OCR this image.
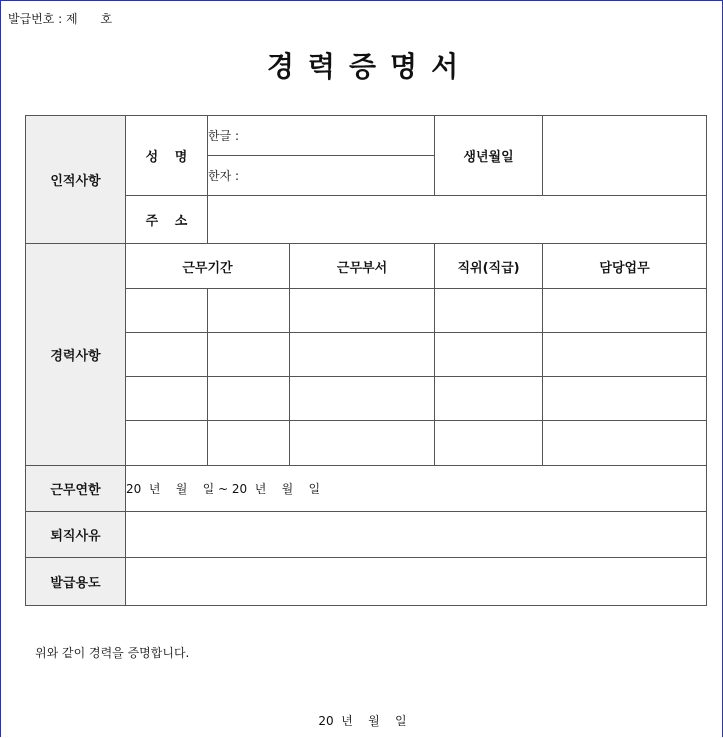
발급번호 : 제      호
경력증명서
인적사항	성 명	한글 :		생년월일	
		한자 :			
	주 소				
경력사항	근무기간		근무부서	직위(직급)	담당업무

근무연한	20  년    월    일 ~ 20  년    월    일				
퇴직사유					
발급용도					
위와 같이 경력을 증명합니다.
20  년    월    일
